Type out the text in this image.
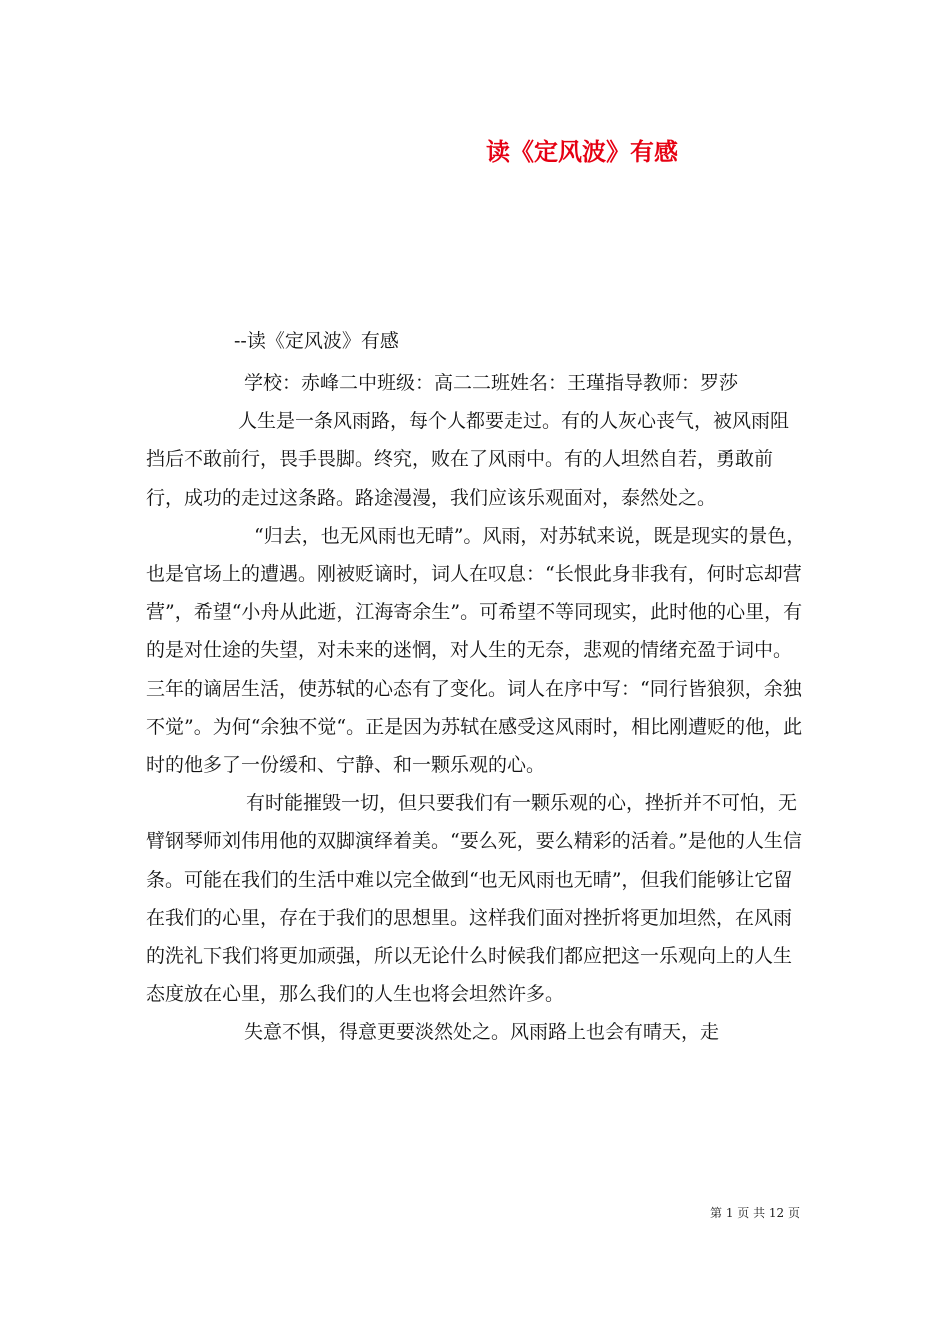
读《定风波》有感
--读《定风波》有感

学校：赤峰二中班级：高二二班姓名：王瑾指导教师：罗莎

人生是一条风雨路，每个人都要走过。有的人灰心丧气，被风雨阻挡后不敢前行，畏手畏脚。终究，败在了风雨中。有的人坦然自若，勇敢前行，成功的走过这条路。路途漫漫，我们应该乐观面对，泰然处之。

“归去，也无风雨也无晴”。风雨，对苏轼来说，既是现实的景色，也是官场上的遭遇。刚被贬谪时，词人在叹息：“长恨此身非我有，何时忘却营营”，希望“小舟从此逝，江海寄余生”。可希望不等同现实，此时他的心里，有的是对仕途的失望，对未来的迷惘，对人生的无奈，悲观的情绪充盈于词中。三年的谪居生活，使苏轼的心态有了变化。词人在序中写：“同行皆狼狈，余独不觉”。为何“余独不觉“。正是因为苏轼在感受这风雨时，相比刚遭贬的他，此时的他多了一份缓和、宁静、和一颗乐观的心。

有时能摧毁一切，但只要我们有一颗乐观的心，挫折并不可怕，无臂钢琴师刘伟用他的双脚演绎着美。“要么死，要么精彩的活着。”是他的人生信条。可能在我们的生活中难以完全做到“也无风雨也无晴”，但我们能够让它留在我们的心里，存在于我们的思想里。这样我们面对挫折将更加坦然，在风雨的洗礼下我们将更加顽强，所以无论什么时候我们都应把这一乐观向上的人生态度放在心里，那么我们的人生也将会坦然许多。

失意不惧，得意更要淡然处之。风雨路上也会有晴天，走

第 1 页 共 12 页
